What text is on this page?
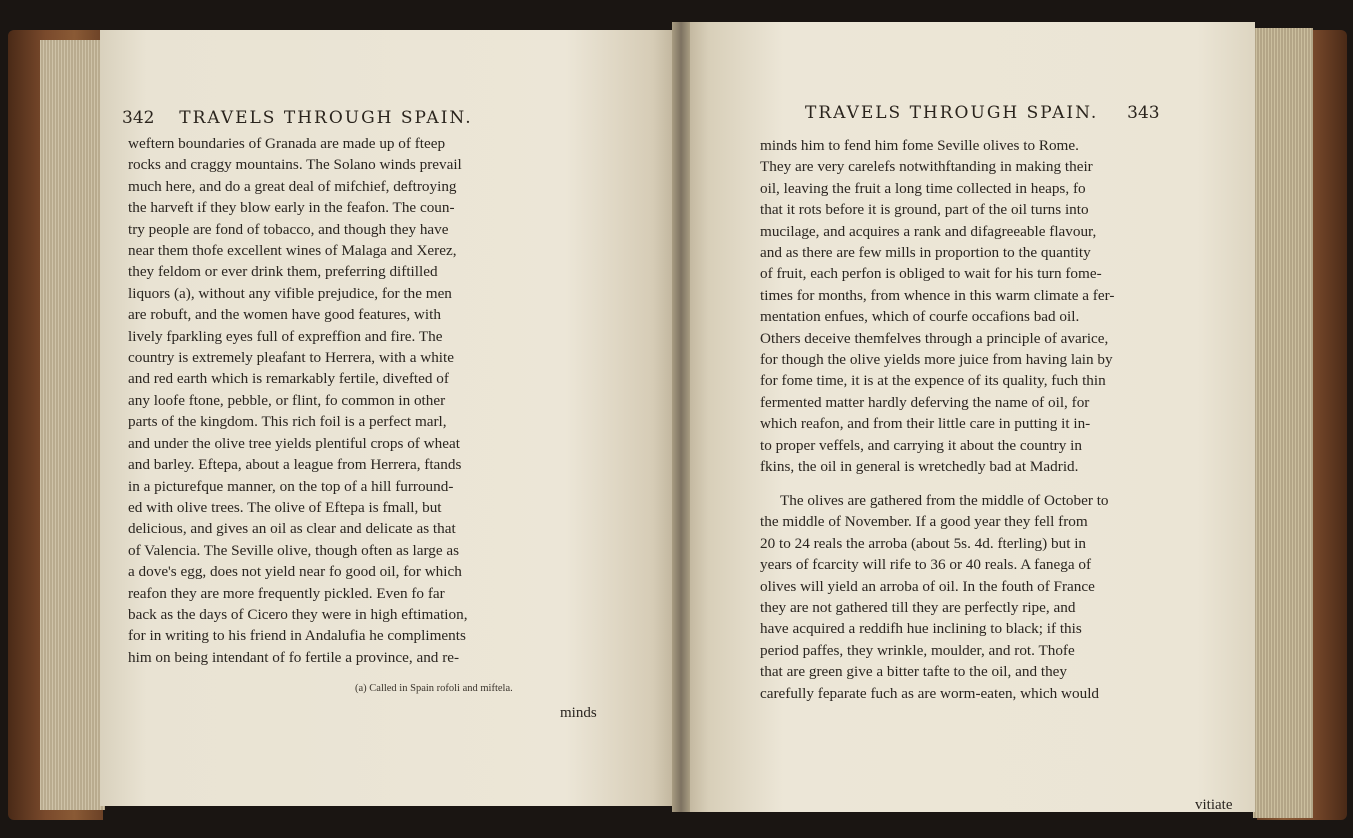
342 TRAVELS THROUGH SPAIN.

weftern boundaries of Granada are made up of fteep

rocks and craggy mountains. The Solano winds prevail

much here, and do a great deal of mifchief, deftroying

the harveft if they blow early in the feafon. The coun-

try people are fond of tobacco, and though they have

near them thofe excellent wines of Malaga and Xerez,

they feldom or ever drink them, preferring diftilled

liquors (a), without any vifible prejudice, for the men

are robuft, and the women have good features, with

lively fparkling eyes full of expreffion and fire. The

country is extremely pleafant to Herrera, with a white

and red earth which is remarkably fertile, divefted of

any loofe ftone, pebble, or flint, fo common in other

parts of the kingdom. This rich foil is a perfect marl,

and under the olive tree yields plentiful crops of wheat

and barley. Eftepa, about a league from Herrera, ftands

in a picturefque manner, on the top of a hill furround-

ed with olive trees. The olive of Eftepa is fmall, but

delicious, and gives an oil as clear and delicate as that

of Valencia. The Seville olive, though often as large as

a dove's egg, does not yield near fo good oil, for which

reafon they are more frequently pickled. Even fo far

back as the days of Cicero they were in high eftimation,

for in writing to his friend in Andalufia he compliments

him on being intendant of fo fertile a province, and re-

(a) Called in Spain rofoli and miftela.
minds
TRAVELS THROUGH SPAIN. 343

minds him to fend him fome Seville olives to Rome.

They are very carelefs notwithftanding in making their

oil, leaving the fruit a long time collected in heaps, fo

that it rots before it is ground, part of the oil turns into

mucilage, and acquires a rank and difagreeable flavour,

and as there are few mills in proportion to the quantity

of fruit, each perfon is obliged to wait for his turn fome-

times for months, from whence in this warm climate a fer-

mentation enfues, which of courfe occafions bad oil.

Others deceive themfelves through a principle of avarice,

for though the olive yields more juice from having lain by

for fome time, it is at the expence of its quality, fuch thin

fermented matter hardly deferving the name of oil, for

which reafon, and from their little care in putting it in-

to proper veffels, and carrying it about the country in

fkins, the oil in general is wretchedly bad at Madrid.

The olives are gathered from the middle of October to

the middle of November. If a good year they fell from

20 to 24 reals the arroba (about 5s. 4d. fterling) but in

years of fcarcity will rife to 36 or 40 reals. A fanega of

olives will yield an arroba of oil. In the fouth of France

they are not gathered till they are perfectly ripe, and

have acquired a reddifh hue inclining to black; if this

period paffes, they wrinkle, moulder, and rot. Thofe

that are green give a bitter tafte to the oil, and they

carefully feparate fuch as are worm-eaten, which would

vitiate
